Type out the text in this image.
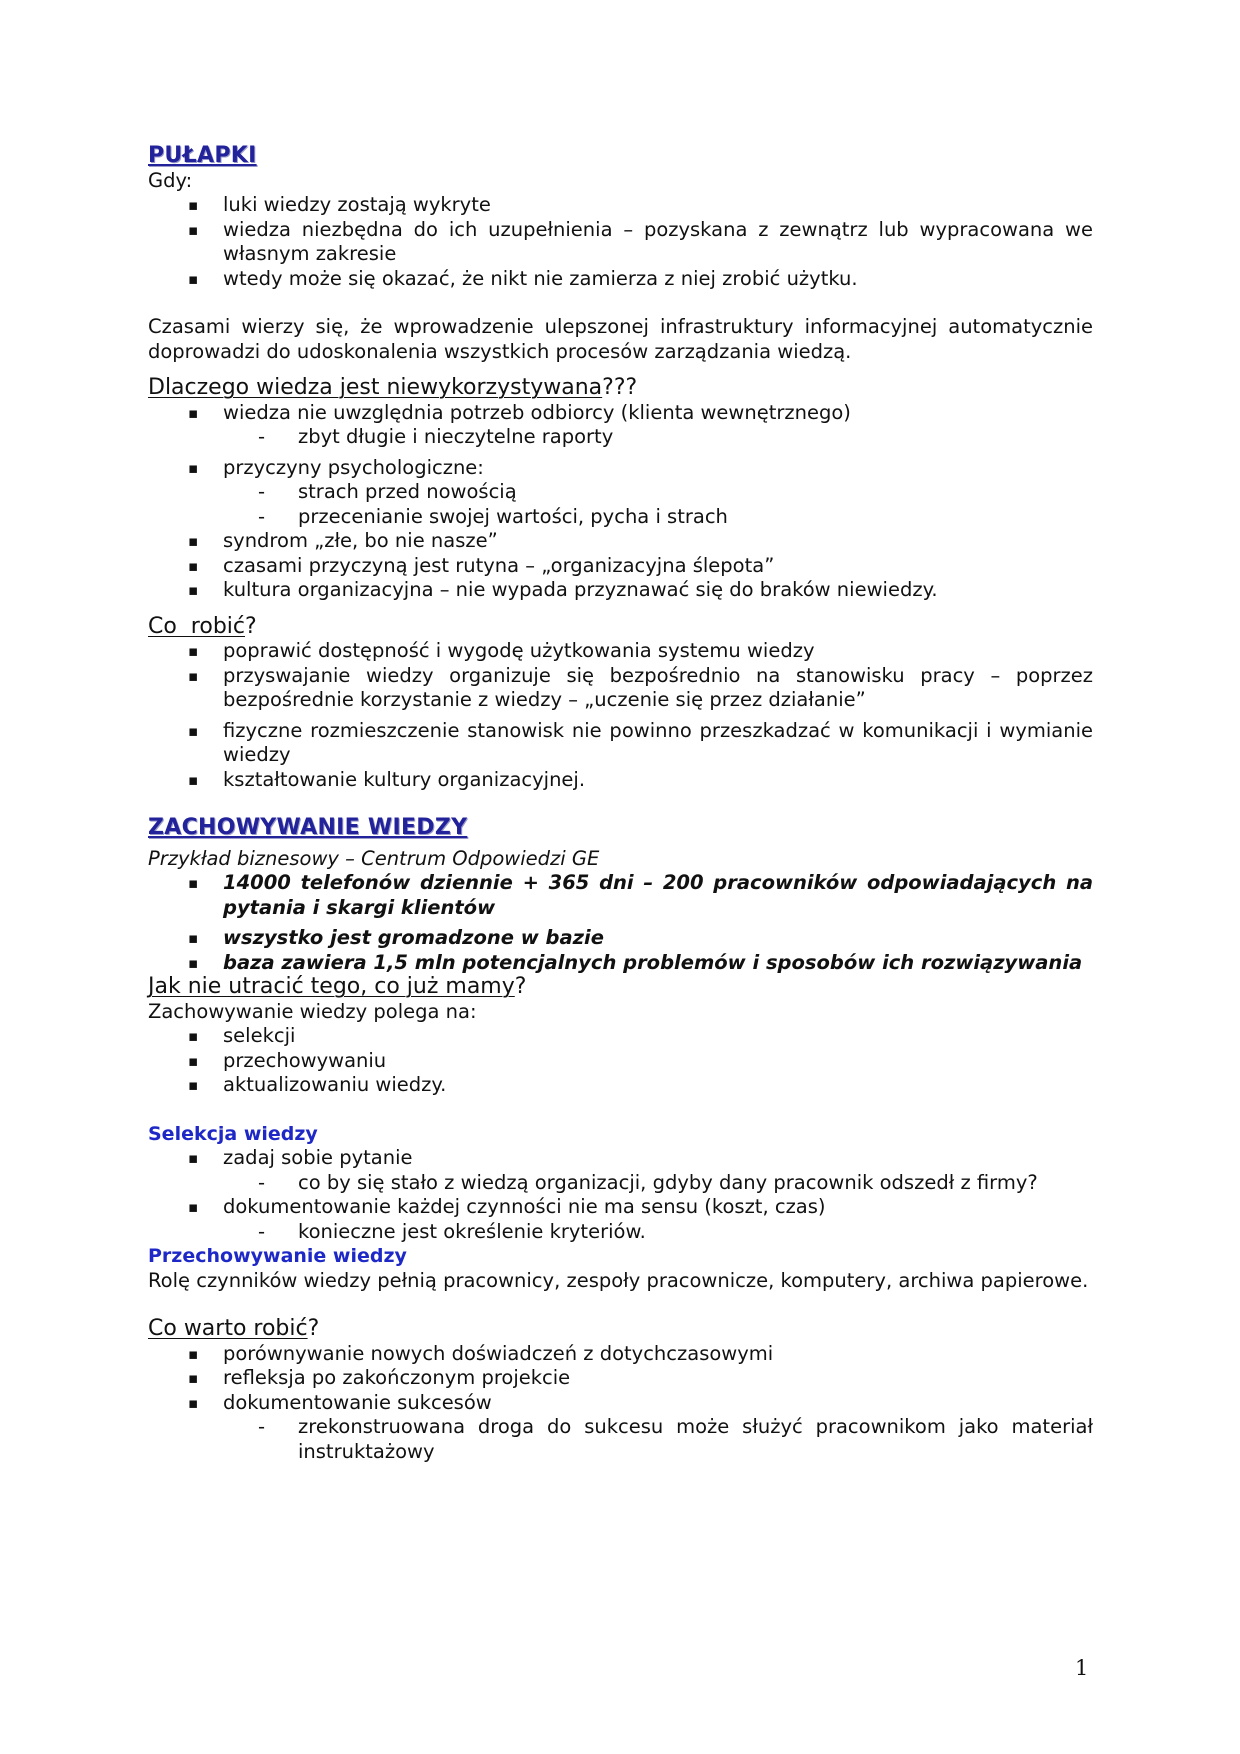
PUŁAPKI

Gdy:

▪ luki wiedzy zostają wykryte
▪ wiedza niezbędna do ich uzupełnienia – pozyskana z zewnątrz lub wypracowana we własnym zakresie
▪ wtedy może się okazać, że nikt nie zamierza z niej zrobić użytku.

Czasami wierzy się, że wprowadzenie ulepszonej infrastruktury informacyjnej automatycznie doprowadzi do udoskonalenia wszystkich procesów zarządzania wiedzą.

Dlaczego wiedza jest niewykorzystywana???

▪ wiedza nie uwzględnia potrzeb odbiorcy (klienta wewnętrznego)
- zbyt długie i nieczytelne raporty
▪ przyczyny psychologiczne:
- strach przed nowością
- przecenianie swojej wartości, pycha i strach
▪ syndrom „złe, bo nie nasze”
▪ czasami przyczyną jest rutyna – „organizacyjna ślepota”
▪ kultura organizacyjna – nie wypada przyznawać się do braków niewiedzy.

Co  robić?

▪ poprawić dostępność i wygodę użytkowania systemu wiedzy
▪ przyswajanie wiedzy organizuje się bezpośrednio na stanowisku pracy – poprzez bezpośrednie korzystanie z wiedzy – „uczenie się przez działanie”
▪ fizyczne rozmieszczenie stanowisk nie powinno przeszkadzać w komunikacji i wymianie wiedzy
▪ kształtowanie kultury organizacyjnej.
ZACHOWYWANIE WIEDZY

Przykład biznesowy – Centrum Odpowiedzi GE

▪ 14000 telefonów dziennie + 365 dni – 200 pracowników odpowiadających na pytania i skargi klientów
▪ wszystko jest gromadzone w bazie
▪ baza zawiera 1,5 mln potencjalnych problemów i sposobów ich rozwiązywania

Jak nie utracić tego, co już mamy?

Zachowywanie wiedzy polega na:

▪ selekcji
▪ przechowywaniu
▪ aktualizowaniu wiedzy.

Selekcja wiedzy

▪ zadaj sobie pytanie
- co by się stało z wiedzą organizacji, gdyby dany pracownik odszedł z firmy?
▪ dokumentowanie każdej czynności nie ma sensu (koszt, czas)
- konieczne jest określenie kryteriów.

Przechowywanie wiedzy

Rolę czynników wiedzy pełnią pracownicy, zespoły pracownicze, komputery, archiwa papierowe.

Co warto robić?

▪ porównywanie nowych doświadczeń z dotychczasowymi
▪ refleksja po zakończonym projekcie
▪ dokumentowanie sukcesów
- zrekonstruowana droga do sukcesu może służyć pracownikom jako materiał instruktażowy
1
